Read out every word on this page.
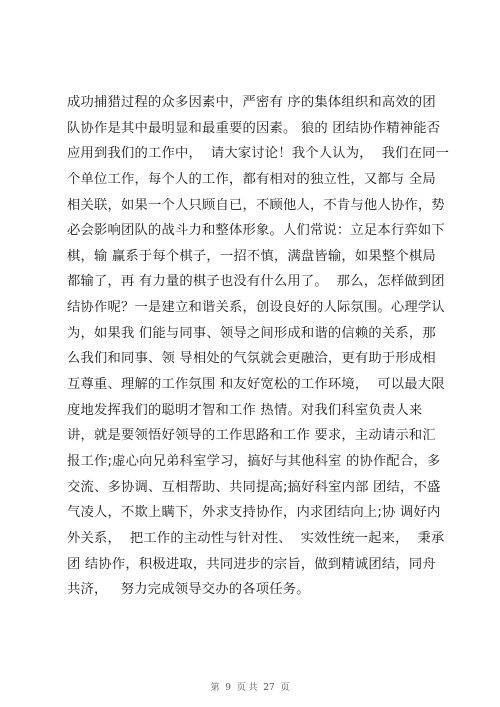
成功捕猎过程的众多因素中，严密有 序的集体组织和高效的团
队协作是其中最明显和最重要的因素。 狼的 团结协作精神能否
应用到我们的工作中，  请大家讨论！我个人认为，  我们在同一
个单位工作，每个人的工作，都有相对的独立性，又都与 全局
相关联，如果一个人只顾自已，不顾他人，不肯与他人协作，势
必会影响团队的战斗力和整体形象。人们常说：立足本行弈如下
棋，输 赢系于每个棋子，一招不慎，满盘皆输，如果整个棋局
都输了，再 有力量的棋子也没有什么用了。  那么，怎样做到团
结协作呢？一是建立和谐关系，创设良好的人际氛围。心理学认
为，如果我 们能与同事、领导之间形成和谐的信赖的关系，那
么我们和同事、领 导相处的气氛就会更融洽，更有助于形成相
互尊重、理解的工作氛围 和友好宽松的工作环境，  可以最大限
度地发挥我们的聪明才智和工作 热情。对我们科室负责人来
讲，就是要领悟好领导的工作思路和工作 要求，主动请示和汇
报工作;虚心向兄弟科室学习，搞好与其他科室 的协作配合，多
交流、多协调、互相帮助、共同提高;搞好科室内部 团结，不盛
气凌人，不欺上瞒下，外求支持协作，内求团结向上;协 调好内
外关系，  把工作的主动性与针对性、  实效性统一起来，  秉承
团 结协作，积极进取，共同进步的宗旨，做到精诚团结，同舟
共济，   努力完成领导交办的各项任务。
第  9  页 共  27  页
